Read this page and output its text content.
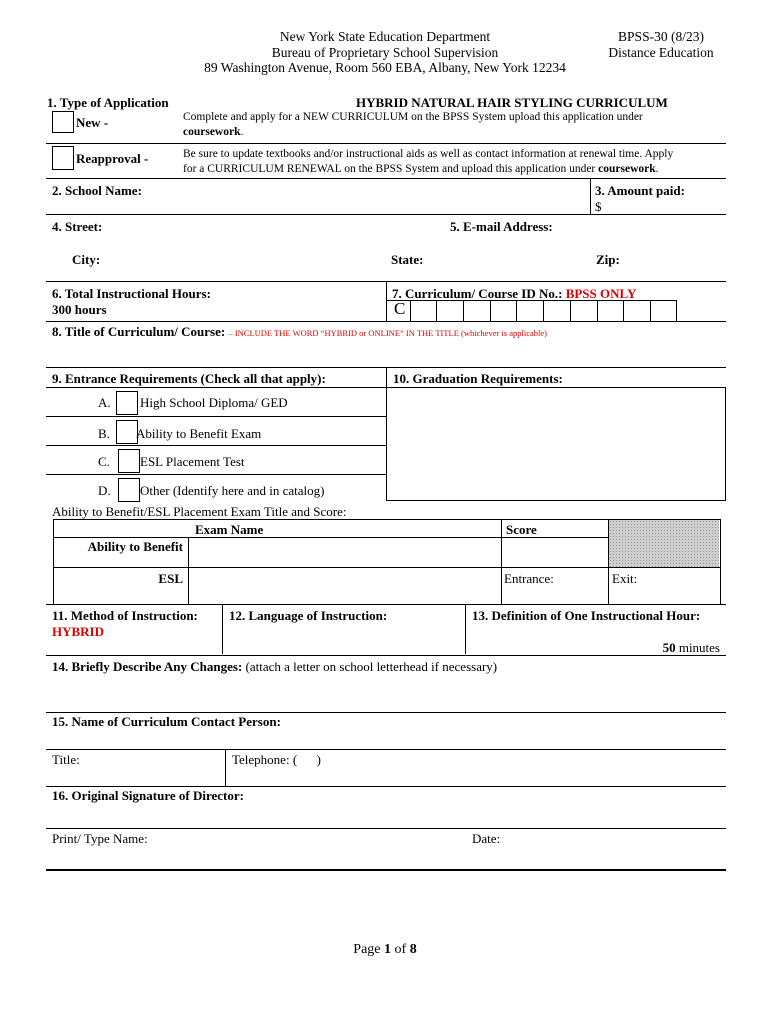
New York State Education Department
Bureau of Proprietary School Supervision
89 Washington Avenue, Room 560 EBA, Albany, New York 12234
BPSS-30 (8/23)
Distance Education
1. Type of Application	HYBRID NATURAL HAIR STYLING CURRICULUM
New -	Complete and apply for a NEW CURRICULUM on the BPSS System upload this application under
coursework.
Reapproval -	Be sure to update textbooks and/or instructional aids as well as contact information at renewal time. Apply
for a CURRICULUM RENEWAL on the BPSS System and upload this application under coursework.
2. School Name:	3. Amount paid:
$
4. Street:	5. E-mail Address:
City:	State:	Zip:
6. Total Instructional Hours:
300 hours
7. Curriculum/ Course ID No.: BPSS ONLY
C
8. Title of Curriculum/ Course: – INCLUDE THE WORD “HYBRID or ONLINE” IN THE TITLE (whichever is applicable)
9. Entrance Requirements (Check all that apply):	10. Graduation Requirements:
A. High School Diploma/ GED
B. Ability to Benefit Exam
C. ESL Placement Test
D. Other (Identify here and in catalog)
Ability to Benefit/ESL Placement Exam Title and Score:
Exam Name	Score
Ability to Benefit
ESL	Entrance:	Exit:
11. Method of Instruction:
HYBRID
12. Language of Instruction:	13. Definition of One Instructional Hour:
50 minutes
14. Briefly Describe Any Changes: (attach a letter on school letterhead if necessary)
15. Name of Curriculum Contact Person:
Title:	Telephone: (      )
16. Original Signature of Director:
Print/ Type Name:	Date:
Page 1 of 8
